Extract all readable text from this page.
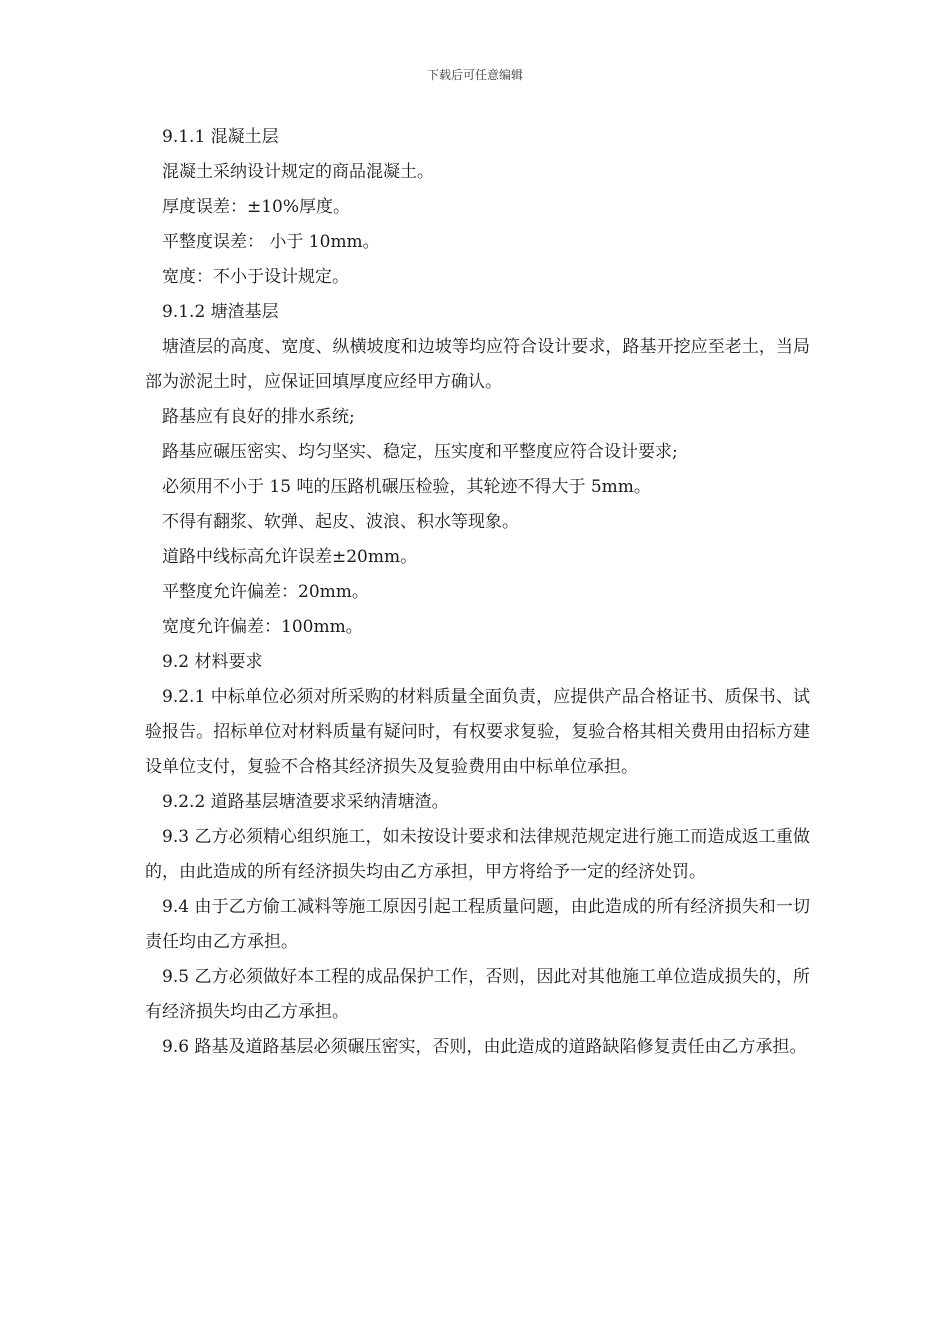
下载后可任意编辑

9.1.1 混凝土层

混凝土采纳设计规定的商品混凝土。

厚度误差：±10%厚度。

平整度误差： 小于 10mm。

宽度：不小于设计规定。

9.1.2 塘渣基层

塘渣层的高度、宽度、纵横坡度和边坡等均应符合设计要求，路基开挖应至老土，当局部为淤泥土时，应保证回填厚度应经甲方确认。

路基应有良好的排水系统;

路基应碾压密实、均匀坚实、稳定，压实度和平整度应符合设计要求;

必须用不小于 15 吨的压路机碾压检验，其轮迹不得大于 5mm。

不得有翻浆、软弹、起皮、波浪、积水等现象。

道路中线标高允许误差±20mm。

平整度允许偏差：20mm。

宽度允许偏差：100mm。

9.2 材料要求

9.2.1 中标单位必须对所采购的材料质量全面负责，应提供产品合格证书、质保书、试验报告。招标单位对材料质量有疑问时，有权要求复验，复验合格其相关费用由招标方建设单位支付，复验不合格其经济损失及复验费用由中标单位承担。

9.2.2 道路基层塘渣要求采纳清塘渣。

9.3 乙方必须精心组织施工，如未按设计要求和法律规范规定进行施工而造成返工重做的，由此造成的所有经济损失均由乙方承担，甲方将给予一定的经济处罚。

9.4 由于乙方偷工减料等施工原因引起工程质量问题，由此造成的所有经济损失和一切责任均由乙方承担。

9.5 乙方必须做好本工程的成品保护工作，否则，因此对其他施工单位造成损失的，所有经济损失均由乙方承担。

9.6 路基及道路基层必须碾压密实，否则，由此造成的道路缺陷修复责任由乙方承担。
